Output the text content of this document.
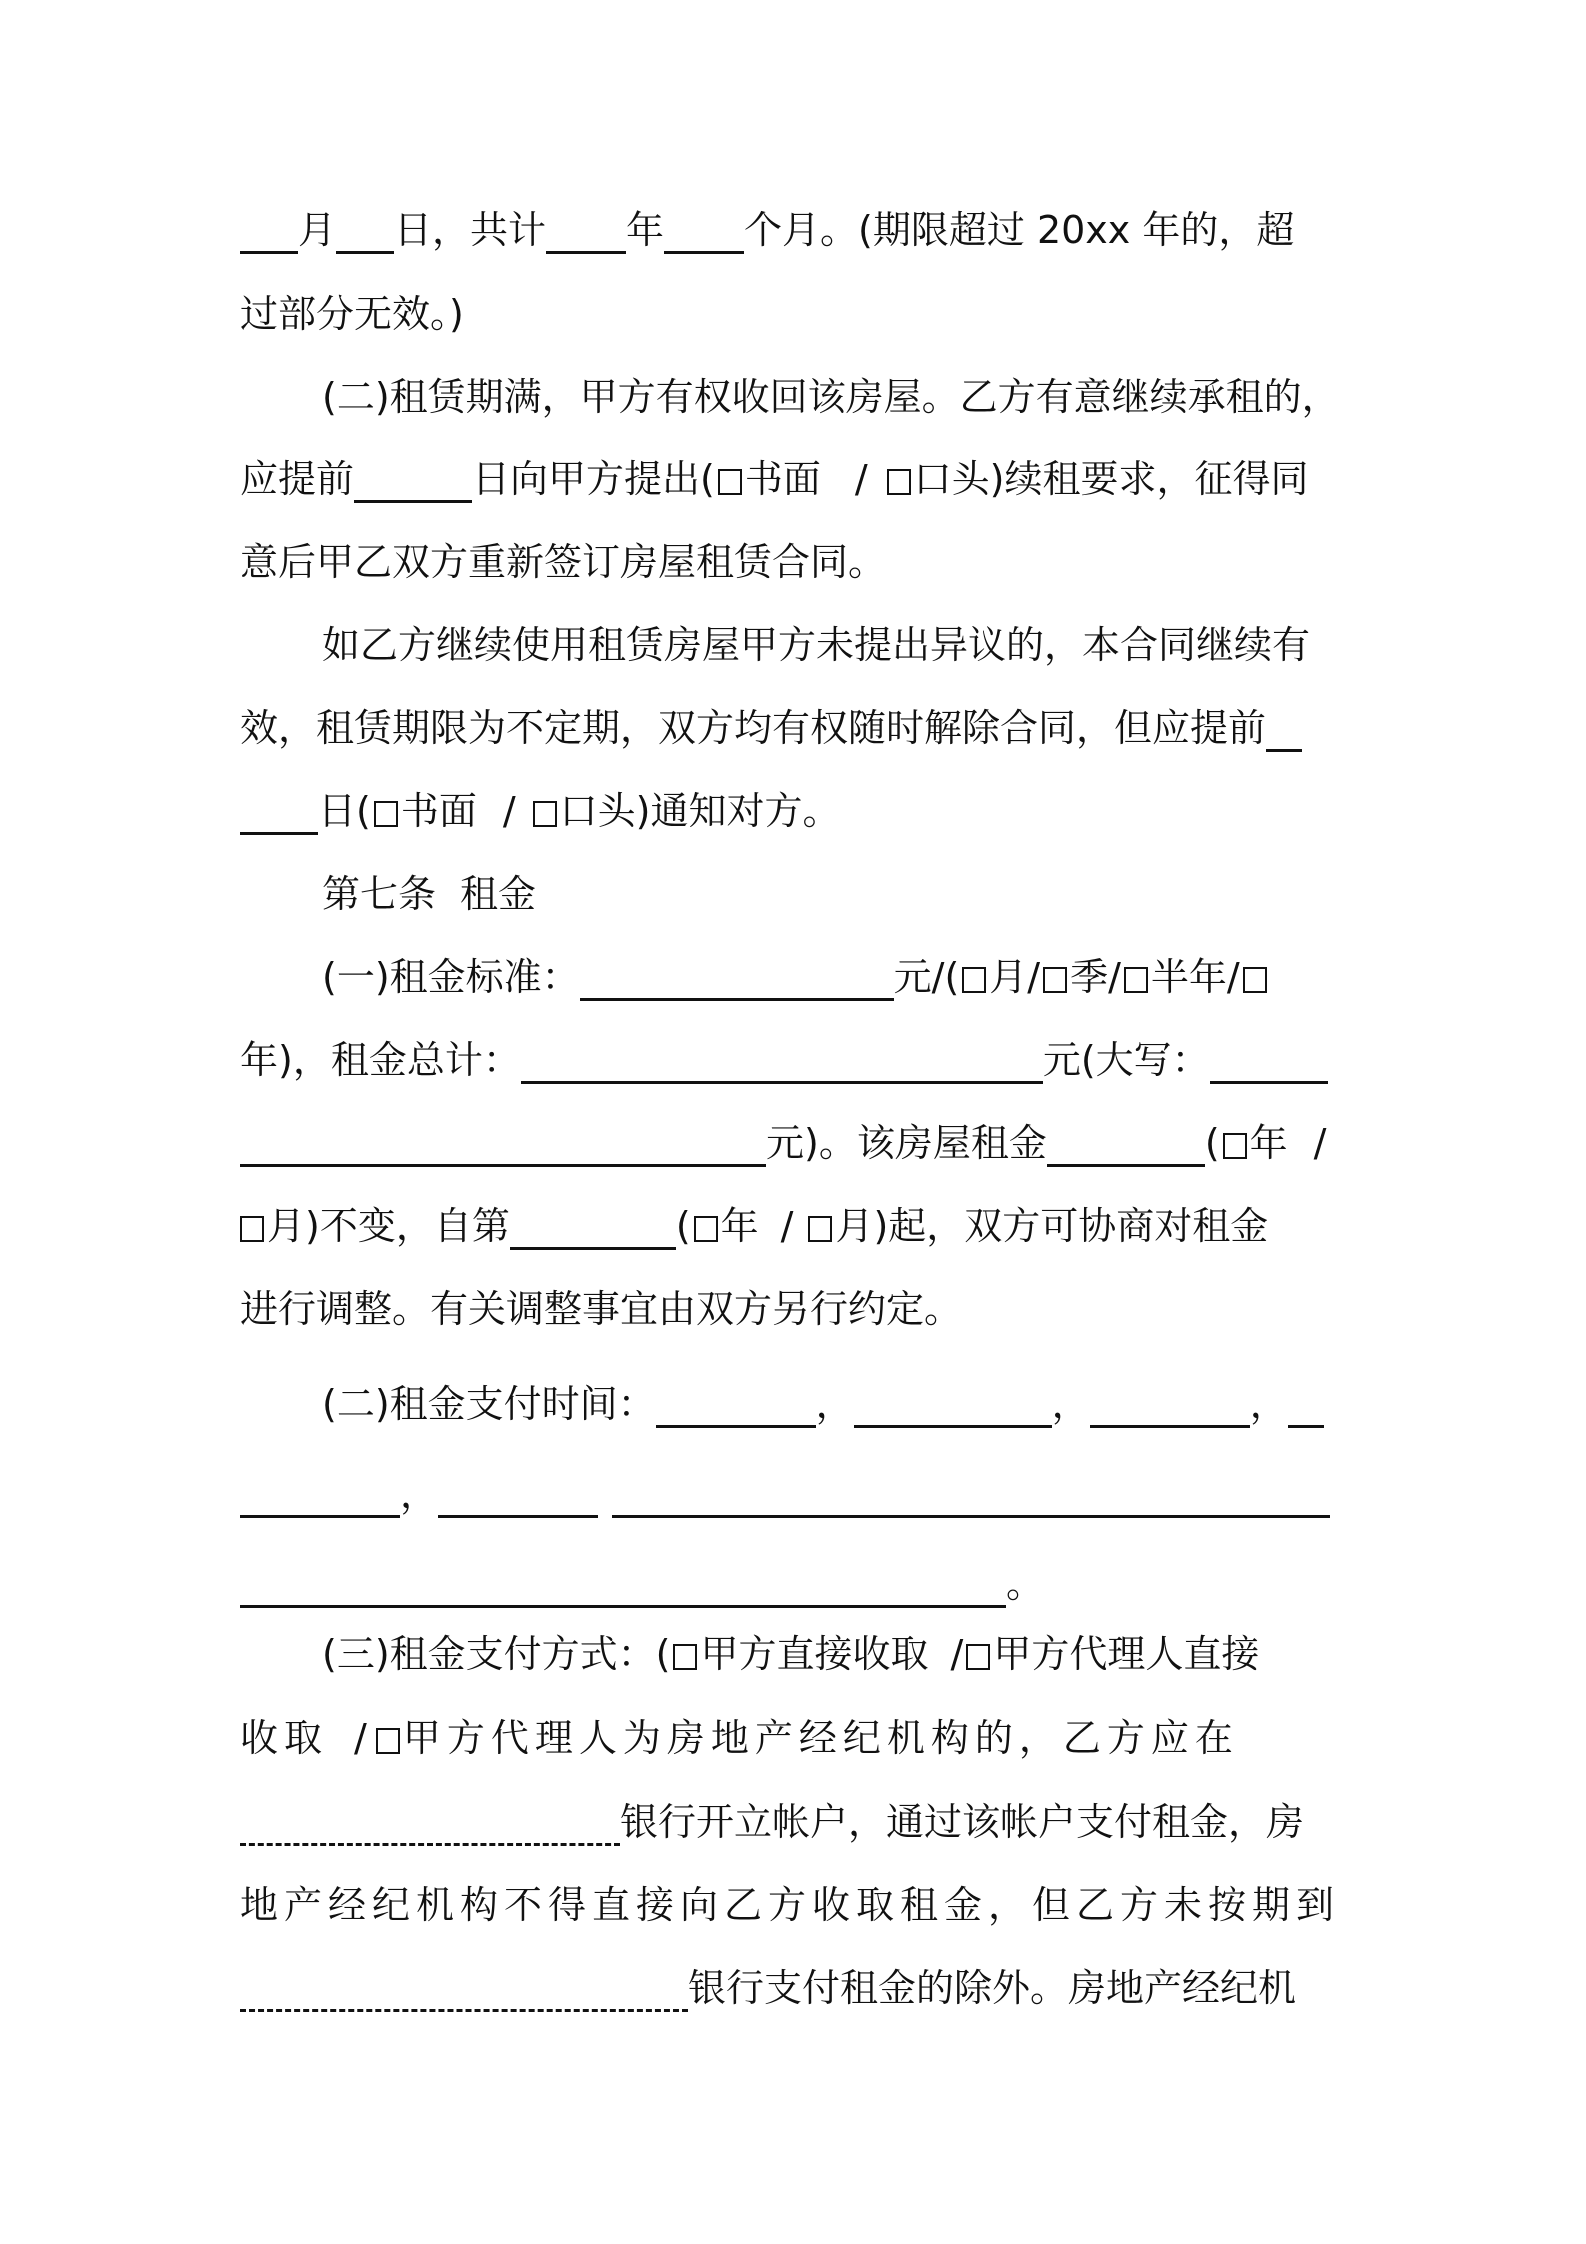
月 日，共计 年 个月。(期限超过 20xx 年的，超
过部分无效。)
(二)租赁期满，甲方有权收回该房屋。乙方有意继续承租的，
应提前	日向甲方提出( 书面 / 口头)续租要求，征得同
意后甲乙双方重新签订房屋租赁合同。
如乙方继续使用租赁房屋甲方未提出异议的，本合同继续有
效，租赁期限为不定期，双方均有权随时解除合同，但应提前
日( 书面 / 口头)通知对方。
第七条 租金
(一)租金标准：	元/( 月/ 季/ 半年/
年)，租金总计：	元(大写：
元)。该房屋租金	( 年 /
月)不变，自第	( 年 / 月)起，双方可协商对租金
进行调整。有关调整事宜由双方另行约定。
(二)租金支付时间：	，	，	，
，
。
(三)租金支付方式：( 甲方直接收取 / 甲方代理人直接
收取 / 甲方代理人为房地产经纪机构的，乙方应在
银行开立帐户，通过该帐户支付租金，房
地产经纪机构不得直接向乙方收取租金，但乙方未按期到
银行支付租金的除外。房地产经纪机
